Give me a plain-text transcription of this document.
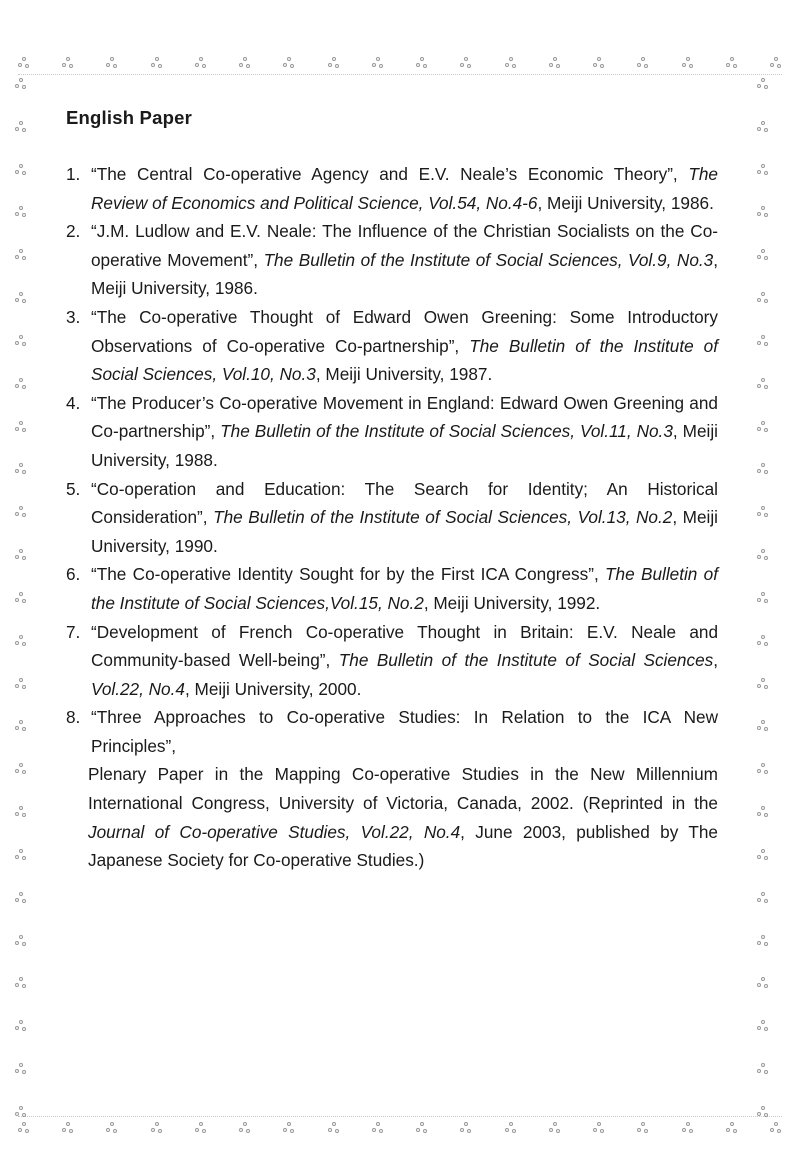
English Paper
1. “The Central Co-operative Agency and E.V. Neale’s Economic Theory”, The Review of Economics and Political Science, Vol.54, No.4-6, Meiji University, 1986.
2. “J.M. Ludlow and E.V. Neale: The Influence of the Christian Socialists on the Co-operative Movement”, The Bulletin of the Institute of Social Sciences, Vol.9, No.3, Meiji University, 1986.
3. “The Co-operative Thought of Edward Owen Greening: Some Introductory Observations of Co-operative Co-partnership”, The Bulletin of the Institute of Social Sciences, Vol.10, No.3, Meiji University, 1987.
4. “The Producer’s Co-operative Movement in England: Edward Owen Greening and Co-partnership”, The Bulletin of the Institute of Social Sciences, Vol.11, No.3, Meiji University, 1988.
5. “Co-operation and Education: The Search for Identity; An Historical Consideration”, The Bulletin of the Institute of Social Sciences, Vol.13, No.2, Meiji University, 1990.
6. “The Co-operative Identity Sought for by the First ICA Congress”, The Bulletin of the Institute of Social Sciences,Vol.15, No.2, Meiji University, 1992.
7. “Development of French Co-operative Thought in Britain: E.V. Neale and Community-based Well-being”, The Bulletin of the Institute of Social Sciences, Vol.22, No.4, Meiji University, 2000.
8. “Three Approaches to Co-operative Studies: In Relation to the ICA New Principles”,
Plenary Paper in the Mapping Co-operative Studies in the New Millennium International Congress, University of Victoria, Canada, 2002. (Reprinted in the Journal of Co-operative Studies, Vol.22, No.4, June 2003, published by The Japanese Society for Co-operative Studies.)
